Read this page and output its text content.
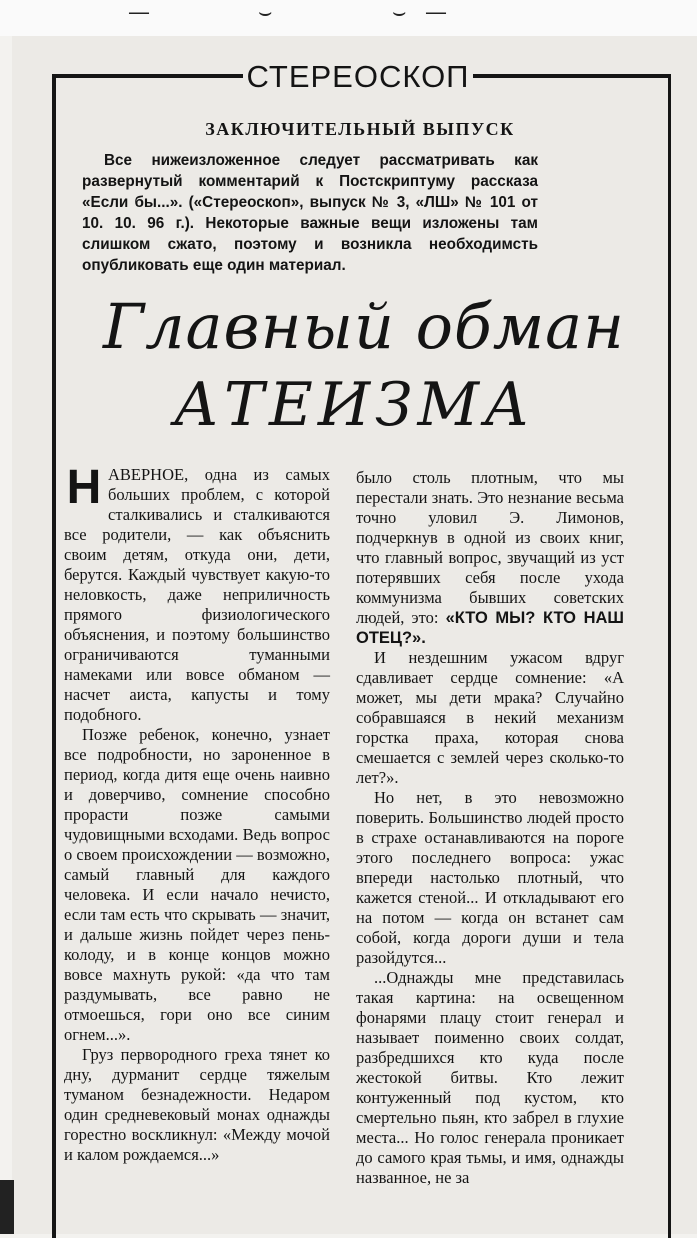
—	⌣	⌣ —
СТЕРЕОСКОП
ЗАКЛЮЧИТЕЛЬНЫЙ ВЫПУСК
Все нижеизложенное следует рассматривать как развернутый комментарий к Постскриптуму рассказа «Если бы...». («Стереоскоп», выпуск № 3, «ЛШ» № 101 от 10. 10. 96 г.). Некоторые важные вещи изложены там слишком сжато, поэтому и возникла необходимсть опубликовать еще один материал.
Главный обман
АТЕИЗМА
Н АВЕРНОЕ, одна из самых больших проблем, с которой сталкивались и сталкиваются все родители, — как объяснить своим детям, откуда они, дети, берутся. Каждый чувствует какую-то неловкость, даже неприличность прямого физиологического объяснения, и поэтому большинство ограничиваются туманными намеками или вовсе обманом — насчет аиста, капусты и тому подобного.

Позже ребенок, конечно, узнает все подробности, но зароненное в период, когда дитя еще очень наивно и доверчиво, сомнение способно прорасти позже самыми чудовищными всходами. Ведь вопрос о своем происхождении — возможно, самый главный для каждого человека. И если начало нечисто, если там есть что скрывать — значит, и дальше жизнь пойдет через пень-колоду, и в конце концов можно вовсе махнуть рукой: «да что там раздумывать, все равно не отмоешься, гори оно все синим огнем...».

Груз первородного греха тянет ко дну, дурманит сердце тяжелым туманом безнадежности. Недаром один средневековый монах однажды горестно воскликнул: «Между мочой и калом рождаемся...»

было столь плотным, что мы перестали знать. Это незнание весьма точно уловил Э. Лимонов, подчеркнув в одной из своих книг, что главный вопрос, звучащий из уст потерявших себя после ухода коммунизма бывших советских людей, это: «КТО МЫ? КТО НАШ ОТЕЦ?».

И нездешним ужасом вдруг сдавливает сердце сомнение: «А может, мы дети мрака? Случайно собравшаяся в некий механизм горстка праха, которая снова смешается с землей через сколько-то лет?».

Но нет, в это невозможно поверить. Большинство людей просто в страхе останавливаются на пороге этого последнего вопроса: ужас впереди настолько плотный, что кажется стеной... И откладывают его на потом — когда он встанет сам собой, когда дороги души и тела разойдутся...

...Однажды мне представилась такая картина: на освещенном фонарями плацу стоит генерал и называет поименно своих солдат, разбредшихся кто куда после жестокой битвы. Кто лежит контуженный под кустом, кто смертельно пьян, кто забрел в глухие места... Но голос генерала проникает до самого края тьмы, и имя, однажды названное, не за
